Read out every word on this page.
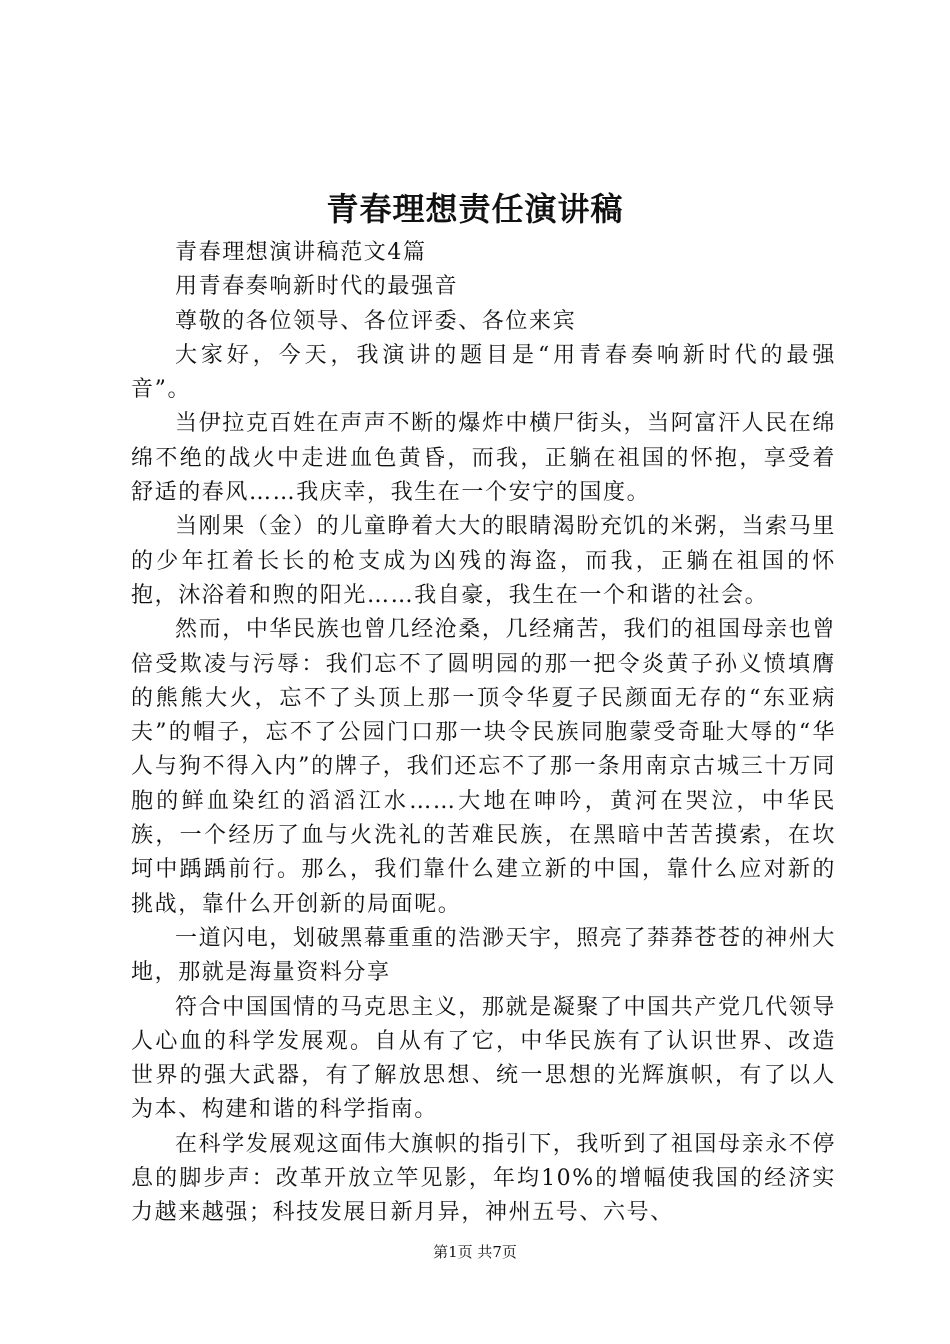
青春理想责任演讲稿

青春理想演讲稿范文4篇

用青春奏响新时代的最强音

尊敬的各位领导、各位评委、各位来宾

大家好，今天，我演讲的题目是“用青春奏响新时代的最强音”。

当伊拉克百姓在声声不断的爆炸中横尸街头，当阿富汗人民在绵绵不绝的战火中走进血色黄昏，而我，正躺在祖国的怀抱，享受着舒适的春风……我庆幸，我生在一个安宁的国度。

当刚果（金）的儿童睁着大大的眼睛渴盼充饥的米粥，当索马里的少年扛着长长的枪支成为凶残的海盗，而我，正躺在祖国的怀抱，沐浴着和煦的阳光……我自豪，我生在一个和谐的社会。

然而，中华民族也曾几经沧桑，几经痛苦，我们的祖国母亲也曾倍受欺凌与污辱：我们忘不了圆明园的那一把令炎黄子孙义愤填膺的熊熊大火，忘不了头顶上那一顶令华夏子民颜面无存的“东亚病夫”的帽子，忘不了公园门口那一块令民族同胞蒙受奇耻大辱的“华人与狗不得入内”的牌子，我们还忘不了那一条用南京古城三十万同胞的鲜血染红的滔滔江水……大地在呻吟，黄河在哭泣，中华民族，一个经历了血与火洗礼的苦难民族，在黑暗中苦苦摸索，在坎坷中踽踽前行。那么，我们靠什么建立新的中国，靠什么应对新的挑战，靠什么开创新的局面呢。

一道闪电，划破黑幕重重的浩渺天宇，照亮了莽莽苍苍的神州大地，那就是海量资料分享

符合中国国情的马克思主义，那就是凝聚了中国共产党几代领导人心血的科学发展观。自从有了它，中华民族有了认识世界、改造世界的强大武器，有了解放思想、统一思想的光辉旗帜，有了以人为本、构建和谐的科学指南。

在科学发展观这面伟大旗帜的指引下，我听到了祖国母亲永不停息的脚步声：改革开放立竿见影，年均10%的增幅使我国的经济实力越来越强；科技发展日新月异，神州五号、六号、

第1页 共7页
